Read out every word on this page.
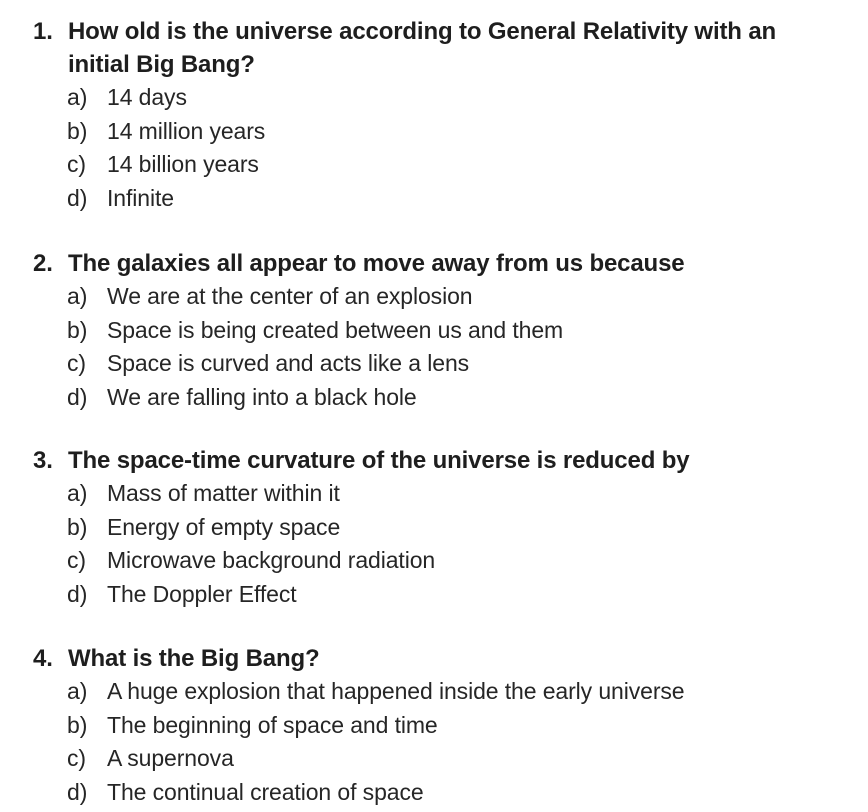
1. How old is the universe according to General Relativity with an initial Big Bang?
a) 14 days
b) 14 million years
c) 14 billion years
d) Infinite
2. The galaxies all appear to move away from us because
a) We are at the center of an explosion
b) Space is being created between us and them
c) Space is curved and acts like a lens
d) We are falling into a black hole
3. The space-time curvature of the universe is reduced by
a) Mass of matter within it
b) Energy of empty space
c) Microwave background radiation
d) The Doppler Effect
4. What is the Big Bang?
a) A huge explosion that happened inside the early universe
b) The beginning of space and time
c) A supernova
d) The continual creation of space
